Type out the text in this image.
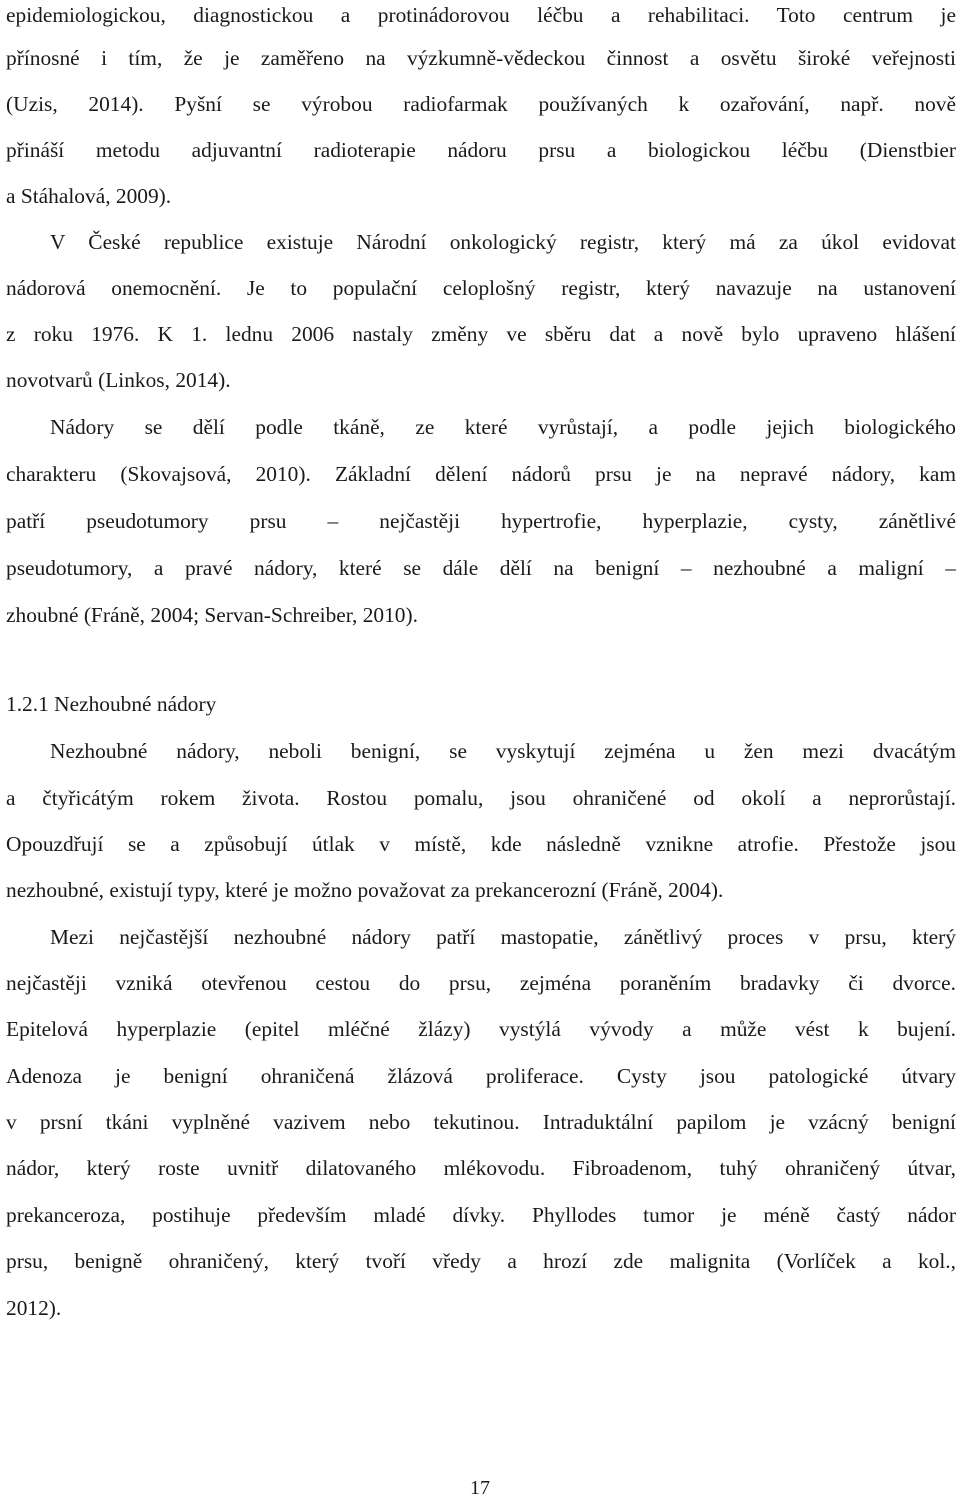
epidemiologickou, diagnostickou a protinádorovou léčbu a rehabilitaci. Toto centrum je
přínosné i tím, že je zaměřeno na výzkumně-vědeckou činnost a osvětu široké veřejnosti
(Uzis, 2014). Pyšní se výrobou radiofarmak používaných k ozařování, např. nově
přináší metodu adjuvantní radioterapie nádoru prsu a biologickou léčbu (Dienstbier
a Stáhalová, 2009).
V České republice existuje Národní onkologický registr, který má za úkol evidovat
nádorová onemocnění. Je to populační celoplošný registr, který navazuje na ustanovení
z roku 1976. K 1. lednu 2006 nastaly změny ve sběru dat a nově bylo upraveno hlášení
novotvarů (Linkos, 2014).
Nádory se dělí podle tkáně, ze které vyrůstají, a podle jejich biologického
charakteru (Skovajsová, 2010). Základní dělení nádorů prsu je na nepravé nádory, kam
patří pseudotumory prsu – nejčastěji hypertrofie, hyperplazie, cysty, zánětlivé
pseudotumory, a pravé nádory, které se dále dělí na benigní – nezhoubné a maligní –
zhoubné (Fráně, 2004; Servan-Schreiber, 2010).
1.2.1 Nezhoubné nádory
Nezhoubné nádory, neboli benigní, se vyskytují zejména u žen mezi dvacátým
a čtyřicátým rokem života. Rostou pomalu, jsou ohraničené od okolí a neprorůstají.
Opouzdřují se a způsobují útlak v místě, kde následně vznikne atrofie. Přestože jsou
nezhoubné, existují typy, které je možno považovat za prekancerozní (Fráně, 2004).
Mezi nejčastější nezhoubné nádory patří mastopatie, zánětlivý proces v prsu, který
nejčastěji vzniká otevřenou cestou do prsu, zejména poraněním bradavky či dvorce.
Epitelová hyperplazie (epitel mléčné žlázy) vystýlá vývody a může vést k bujení.
Adenoza je benigní ohraničená žlázová proliferace. Cysty jsou patologické útvary
v prsní tkáni vyplněné vazivem nebo tekutinou. Intraduktální papilom je vzácný benigní
nádor, který roste uvnitř dilatovaného mlékovodu. Fibroadenom, tuhý ohraničený útvar,
prekanceroza, postihuje především mladé dívky. Phyllodes tumor je méně častý nádor
prsu, benigně ohraničený, který tvoří vředy a hrozí zde malignita (Vorlíček a kol.,
2012).
17
